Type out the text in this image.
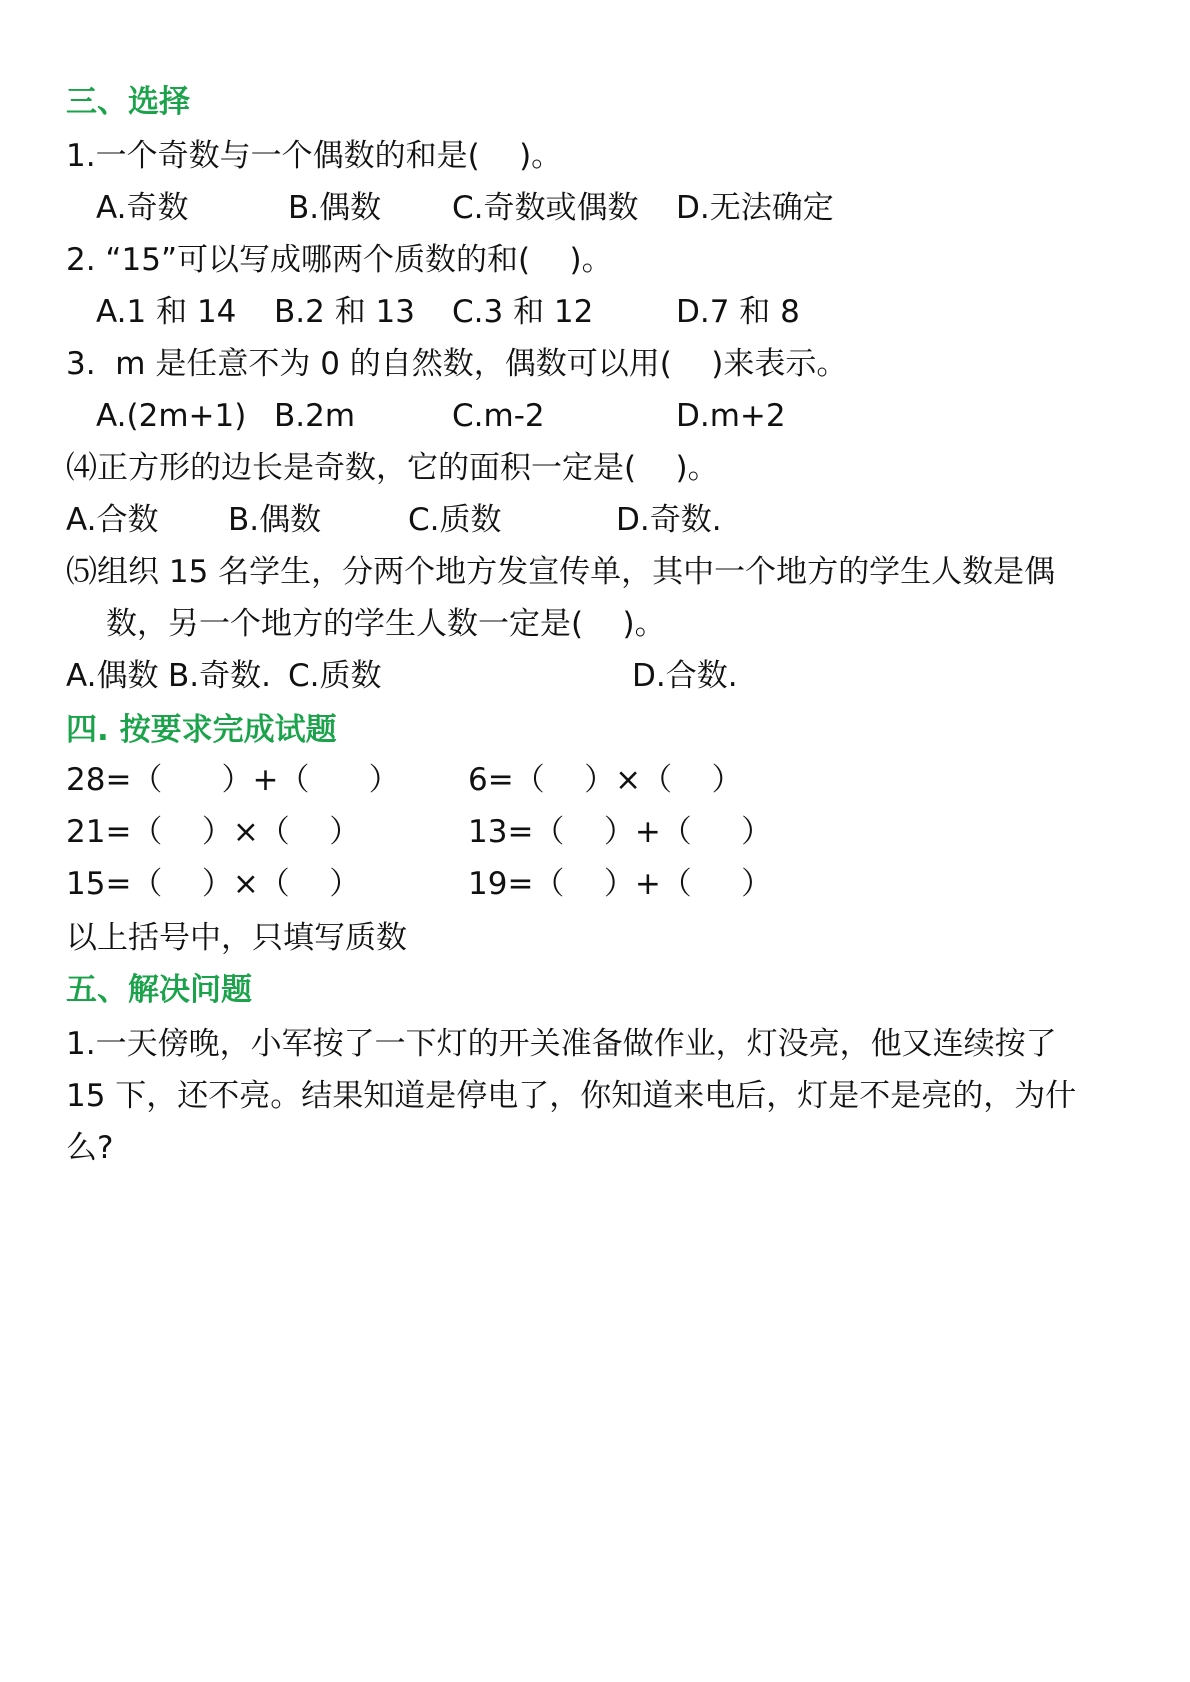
三、选择
1.一个奇数与一个偶数的和是(    )。
A.奇数	B.偶数 C.奇数或偶数 D.无法确定
2. “15”可以写成哪两个质数的和(    )。
A.1 和 14 B.2 和 13 C.3 和 12	D.7 和 8
3.  m 是任意不为 0 的自然数，偶数可以用(    )来表示。
A.(2m+1) B.2m	C.m-2	D.m+2
⑷正方形的边长是奇数，它的面积一定是(    )。
A.合数 B.偶数	C.质数	D.奇数.
⑸组织 15 名学生，分两个地方发宣传单，其中一个地方的学生人数是偶
数，另一个地方的学生人数一定是(    )。
A.偶数 B.奇数. C.质数	D.合数.
四. 按要求完成试题
28=（      ）+（      ） 6=（    ）×（    ）
21=（    ）×（    ）	13=（    ）+（     ）
15=（    ）×（    ）	19=（    ）+（     ）
以上括号中，只填写质数
五、解决问题
1.一天傍晚，小军按了一下灯的开关准备做作业，灯没亮，他又连续按了
15 下，还不亮。结果知道是停电了，你知道来电后，灯是不是亮的，为什
么?
